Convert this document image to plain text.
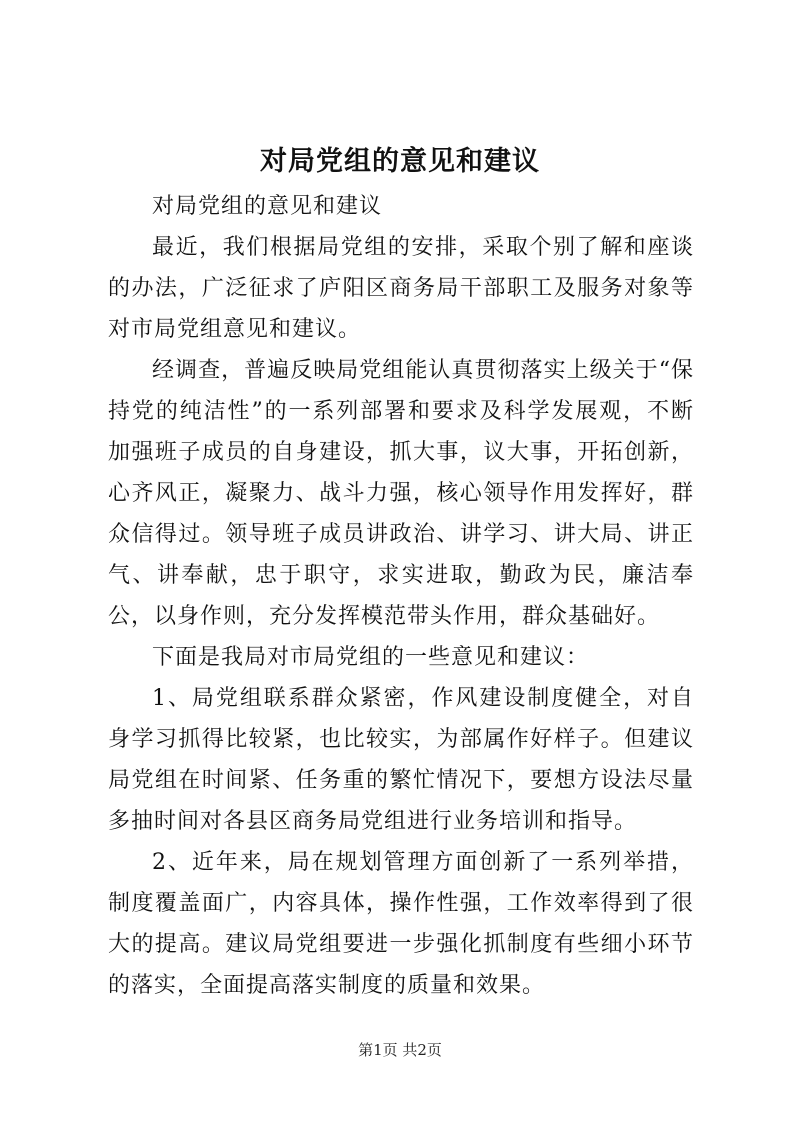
对局党组的意见和建议

对局党组的意见和建议

最近，我们根据局党组的安排，采取个别了解和座谈的办法，广泛征求了庐阳区商务局干部职工及服务对象等对市局党组意见和建议。

经调查，普遍反映局党组能认真贯彻落实上级关于“保持党的纯洁性”的一系列部署和要求及科学发展观，不断加强班子成员的自身建设，抓大事，议大事，开拓创新，心齐风正，凝聚力、战斗力强，核心领导作用发挥好，群众信得过。领导班子成员讲政治、讲学习、讲大局、讲正气、讲奉献，忠于职守，求实进取，勤政为民，廉洁奉公，以身作则，充分发挥模范带头作用，群众基础好。

下面是我局对市局党组的一些意见和建议：

1、局党组联系群众紧密，作风建设制度健全，对自身学习抓得比较紧，也比较实，为部属作好样子。但建议局党组在时间紧、任务重的繁忙情况下，要想方设法尽量多抽时间对各县区商务局党组进行业务培训和指导。

2、近年来，局在规划管理方面创新了一系列举措，制度覆盖面广，内容具体，操作性强，工作效率得到了很大的提高。建议局党组要进一步强化抓制度有些细小环节的落实，全面提高落实制度的质量和效果。

第1页 共2页
